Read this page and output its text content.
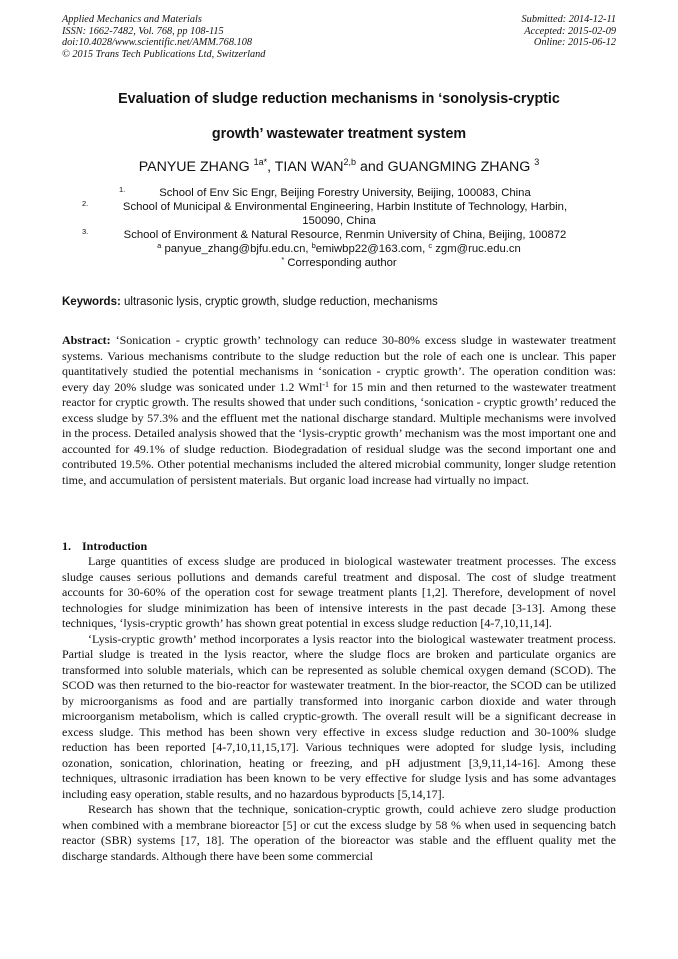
Applied Mechanics and Materials
ISSN: 1662-7482, Vol. 768, pp 108-115
doi:10.4028/www.scientific.net/AMM.768.108
© 2015 Trans Tech Publications Ltd, Switzerland
Submitted: 2014-12-11
Accepted: 2015-02-09
Online: 2015-06-12
Evaluation of sludge reduction mechanisms in ‘sonolysis-cryptic
growth’ wastewater treatment system
PANYUE ZHANG $^{1a*}$, TIAN WAN$^{2,b}$ and GUANGMING ZHANG $^3$
1.	School of Env Sic Engr, Beijing Forestry University, Beijing, 100083, China
2.	School of Municipal & Environmental Engineering, Harbin Institute of Technology, Harbin,
150090, China
3.	School of Environment & Natural Resource, Renmin University of China, Beijing, 100872
$^a$ panyue_zhang@bjfu.edu.cn, $^b$emiwbp22@163.com, $^c$ zgm@ruc.edu.cn
* Corresponding author
Keywords: ultrasonic lysis, cryptic growth, sludge reduction, mechanisms
Abstract: ‘Sonication - cryptic growth’ technology can reduce 30-80% excess sludge in wastewater treatment systems. Various mechanisms contribute to the sludge reduction but the role of each one is unclear. This paper quantitatively studied the potential mechanisms in ‘sonication - cryptic growth’. The operation condition was: every day 20% sludge was sonicated under 1.2 Wml$^{-1}$ for 15 min and then returned to the wastewater treatment reactor for cryptic growth. The results showed that under such conditions, ‘sonication - cryptic growth’ reduced the excess sludge by 57.3% and the effluent met the national discharge standard. Multiple mechanisms were involved in the process. Detailed analysis showed that the ‘lysis-cryptic growth’ mechanism was the most important one and accounted for 49.1% of sludge reduction. Biodegradation of residual sludge was the second important one and contributed 19.5%. Other potential mechanisms included the altered microbial community, longer sludge retention time, and accumulation of persistent materials. But organic load increase had virtually no impact.
1. Introduction

Large quantities of excess sludge are produced in biological wastewater treatment processes. The excess sludge causes serious pollutions and demands careful treatment and disposal. The cost of sludge treatment accounts for 30-60% of the operation cost for sewage treatment plants [1,2]. Therefore, development of novel technologies for sludge minimization has been of intensive interests in the past decade [3-13]. Among these techniques, ‘lysis-cryptic growth’ has shown great potential in excess sludge reduction [4-7,10,11,14].

‘Lysis-cryptic growth’ method incorporates a lysis reactor into the biological wastewater treatment process. Partial sludge is treated in the lysis reactor, where the sludge flocs are broken and particulate organics are transformed into soluble materials, which can be represented as soluble chemical oxygen demand (SCOD). The SCOD was then returned to the bio-reactor for wastewater treatment. In the bior-reactor, the SCOD can be utilized by microorganisms as food and are partially transformed into inorganic carbon dioxide and water through microorganism metabolism, which is called cryptic-growth. The overall result will be a significant decrease in excess sludge. This method has been shown very effective in excess sludge reduction and 30-100% sludge reduction has been reported [4-7,10,11,15,17]. Various techniques were adopted for sludge lysis, including ozonation, sonication, chlorination, heating or freezing, and pH adjustment [3,9,11,14-16]. Among these techniques, ultrasonic irradiation has been known to be very effective for sludge lysis and has some advantages including easy operation, stable results, and no hazardous byproducts [5,14,17].

Research has shown that the technique, sonication-cryptic growth, could achieve zero sludge production when combined with a membrane bioreactor [5] or cut the excess sludge by 58 % when used in sequencing batch reactor (SBR) systems [17, 18]. The operation of the bioreactor was stable and the effluent quality met the discharge standards. Although there have been some commercial
